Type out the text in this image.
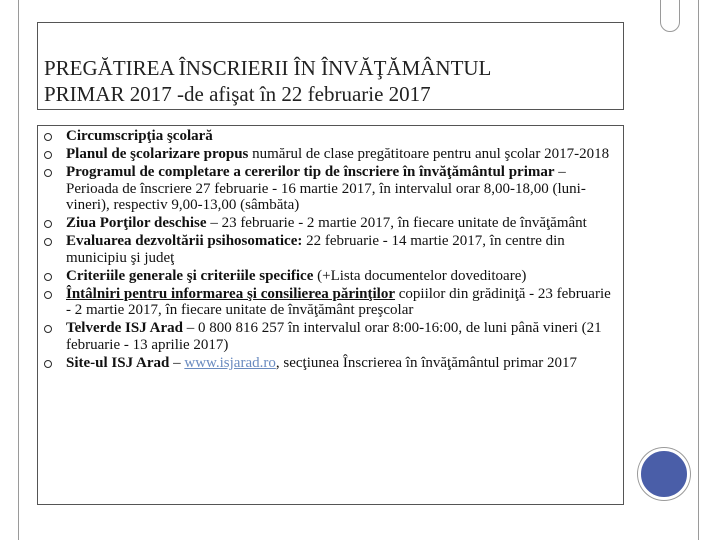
PREGĂTIREA ÎNSCRIERII ÎN ÎNVĂŢĂMÂNTUL
PRIMAR 2017 -de afişat în 22 februarie 2017
Circumscripţia şcolară
Planul de şcolarizare propus numărul de clase pregătitoare pentru anul şcolar 2017-2018
Programul de completare a cererilor tip de înscriere în învăţământul primar – Perioada de înscriere 27 februarie - 16 martie 2017, în intervalul orar 8,00-18,00 (luni-vineri), respectiv 9,00-13,00 (sâmbăta)
Ziua Porţilor deschise – 23 februarie - 2 martie 2017, în fiecare unitate de învăţământ
Evaluarea dezvoltării psihosomatice: 22 februarie - 14 martie 2017, în centre din municipiu şi judeţ
Criteriile generale şi criteriile specifice (+Lista documentelor doveditoare)
Întâlniri pentru informarea şi consilierea părinţilor copiilor din grădiniţă - 23 februarie - 2 martie 2017, în fiecare unitate de învăţământ preşcolar
Telverde ISJ Arad – 0 800 816 257 în intervalul orar 8:00-16:00, de luni până vineri (21 februarie - 13 aprilie 2017)
Site-ul ISJ Arad – www.isjarad.ro, secţiunea Înscrierea în învăţământul primar 2017
